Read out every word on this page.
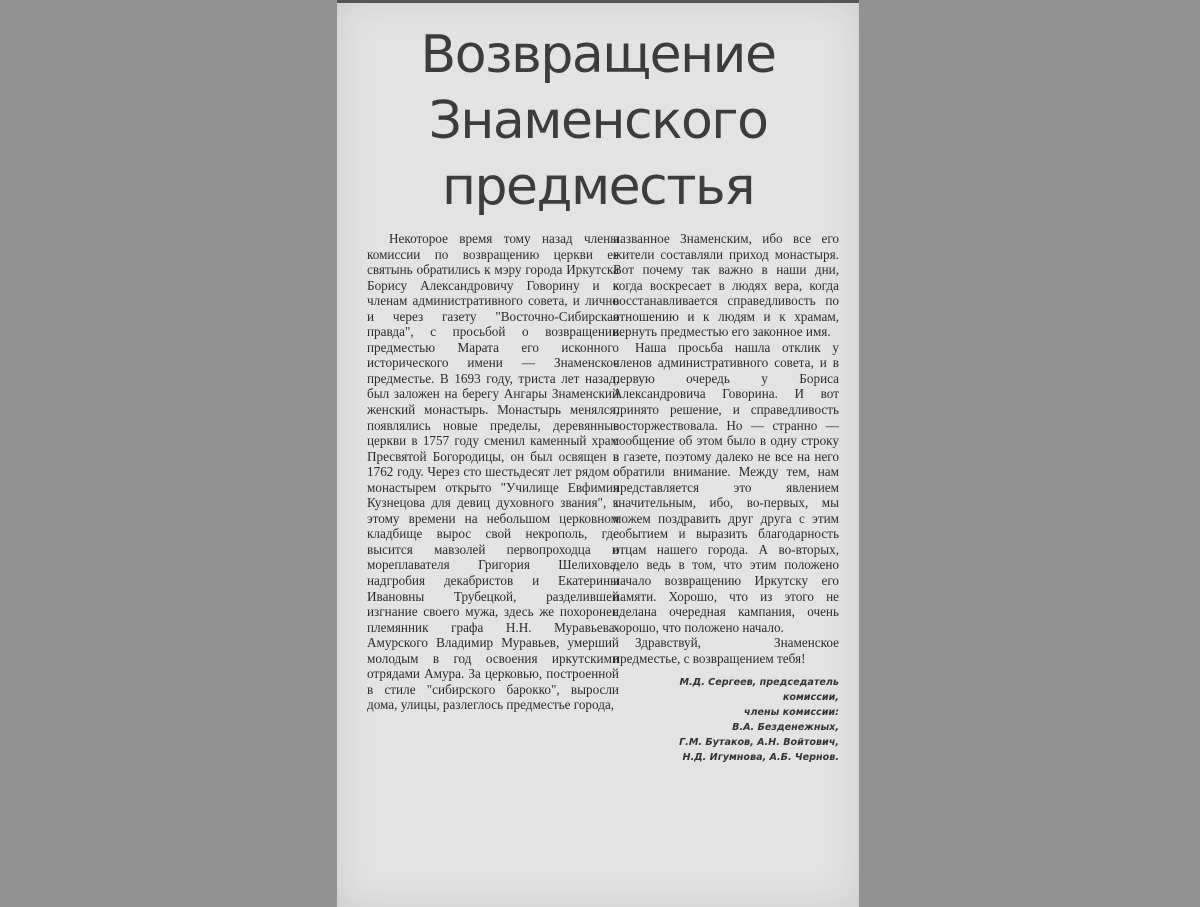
Возвращение
Знаменского
предместья

Некоторое время тому назад члены комиссии по возвращению церкви ее святынь обратились к мэру города Иркутска Борису Александровичу Говорину и к членам административного совета, и лично и через газету "Восточно-Сибирская правда", с просьбой о возвращении предместью Марата его исконного исторического имени — Знаменское предместье. В 1693 году, триста лет назад, был заложен на берегу Ангары Знаменский женский монастырь. Монастырь менялся, появлялись новые пределы, деревянные церкви в 1757 году сменил каменный храм Пресвятой Богородицы, он был освящен в 1762 году. Через сто шестьдесят лет рядом с монастырем открыто "Училище Евфимия Кузнецова для девиц духовного звания", к этому времени на небольшом церковном кладбище вырос свой некрополь, где высится мавзолей первопроходца и мореплавателя Григория Шелихова, надгробия декабристов и Екатерины Ивановны Трубецкой, разделившей изгнание своего мужа, здесь же похоронен племянник графа Н.Н. Муравьева-Амурского Владимир Муравьев, умерший молодым в год освоения иркутскими отрядами Амура. За церковью, построенной в стиле "сибирского барокко", выросли дома, улицы, разлеглось предместье города,

названное Знаменским, ибо все его жители составляли приход монастыря. Вот почему так важно в наши дни, когда воскресает в людях вера, когда восстанавливается справедливость по отношению и к людям и к храмам, вернуть предместью его законное имя.

Наша просьба нашла отклик у членов административного совета, и в первую очередь у Бориса Александровича Говорина. И вот принято решение, и справедливость восторжествовала. Но — странно — сообщение об этом было в одну строку в газете, поэтому далеко не все на него обратили внимание. Между тем, нам представляется это явлением значительным, ибо, во-первых, мы можем поздравить друг друга с этим событием и выразить благодарность отцам нашего города. А во-вторых, дело ведь в том, что этим положено начало возвращению Иркутску его памяти. Хорошо, что из этого не сделана очередная кампания, очень хорошо, что положено начало.

Здравствуй, Знаменское предместье, с возвращением тебя!

М.Д. Сергеев, председатель
комиссии,
члены комиссии:
В.А. Безденежных,
Г.М. Бутаков, А.Н. Войтович,
Н.Д. Игумнова, А.Б. Чернов.
